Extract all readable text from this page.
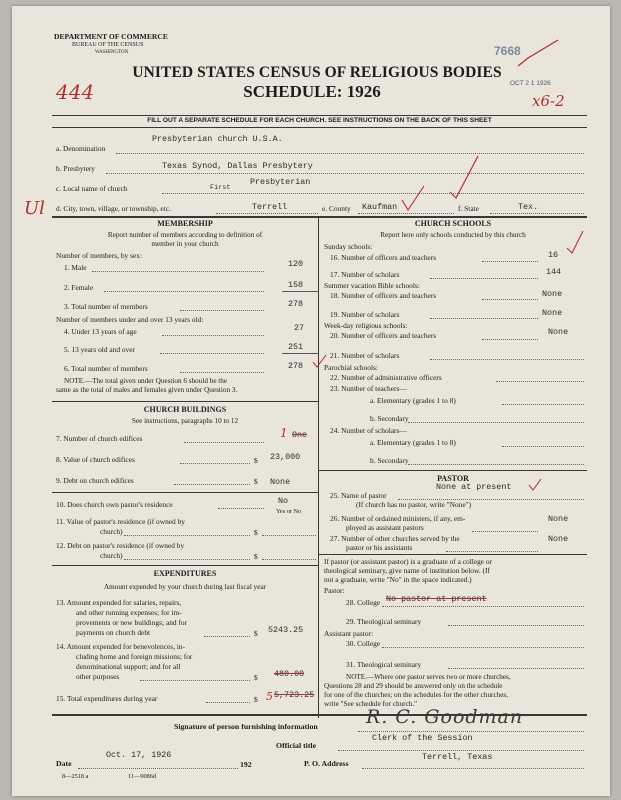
DEPARTMENT OF COMMERCE
BUREAU OF THE CENSUS
WASHINGTON	7668
OCT 2 1 1926
x6-2
444
UNITED STATES CENSUS OF RELIGIOUS BODIES
SCHEDULE: 1926
FILL OUT A SEPARATE SCHEDULE FOR EACH CHURCH. SEE INSTRUCTIONS ON THE BACK OF THIS SHEET
a. Denomination
Presbyterian church U.S.A.
b. Presbytery	Texas Synod, Dallas Presbytery
c. Local name of church	First
Presbyterian
Ul d. City, town, village, or township, etc.	Terrell	e. County Kaufman	f. State	Tex.
MEMBERSHIP
Report number of members according to definition of
member in your church
Number of members, by sex:
1. Male	120
2. Female	158
3. Total number of members	278
Number of members under and over 13 years old:
4. Under 13 years of age	27
5. 13 years old and over	251
6. Total number of members	278
NOTE.—The total given under Question 6 should be the
same as the total of males and females given under Question 3.
CHURCH BUILDINGS
See instructions, paragraphs 10 to 12
7. Number of church edifices	1 One
8. Value of church edifices	$ 23,000
9. Debt on church edifices	$ None
10. Does church own pastor's residence	No
Yes or No
11. Value of pastor's residence (if owned by
church)	$
12. Debt on pastor's residence (if owned by
church)	$
EXPENDITURES
Amount expended by your church during last fiscal year
13. Amount expended for salaries, repairs,
and other running expenses; for im-
provements or new buildings; and for
payments on church debt	$ 5243.25
14. Amount expended for benevolences, in-
cluding home and foreign missions; for
denominational support; and for all
other purposes	$ 480.00
15. Total expenditures during year	$ 5 5,723.25
CHURCH SCHOOLS
Report here only schools conducted by this church
Sunday schools:
16. Number of officers and teachers	16
17. Number of scholars	144
Summer vacation Bible schools:
18. Number of officers and teachers	None
19. Number of scholars	None
Week-day religious schools:
20. Number of officers and teachers	None
21. Number of scholars
Parochial schools:
22. Number of administrative officers
23. Number of teachers—
a. Elementary (grades 1 to 8)
b. Secondary
24. Number of scholars—
a. Elementary (grades 1 to 8)
b. Secondary
PASTOR
25. Name of pastor
None at present
(If church has no pastor, write "None")
26. Number of ordained ministers, if any, em-
ployed as assistant pastors
None
27. Number of other churches served by the
pastor or his assistants
None
If pastor (or assistant pastor) is a graduate of a college or
theological seminary, give name of institution below. (If
not a graduate, write "No" in the space indicated.)
Pastor:
28. College No pastor at present
29. Theological seminary
Assistant pastor:
30. College
31. Theological seminary
NOTE.—Where one pastor serves two or more churches,
Questions 28 and 29 should be answered only on the schedule
for one of the churches; on the schedules for the other churches,
write "See schedule for church."
Signature of person furnishing information	R. C. Goodman
Official title
Clerk of the Session
Date
Oct. 17, 1926
192	P. O. Address
Terrell, Texas
8—2518 a	11—9086d
